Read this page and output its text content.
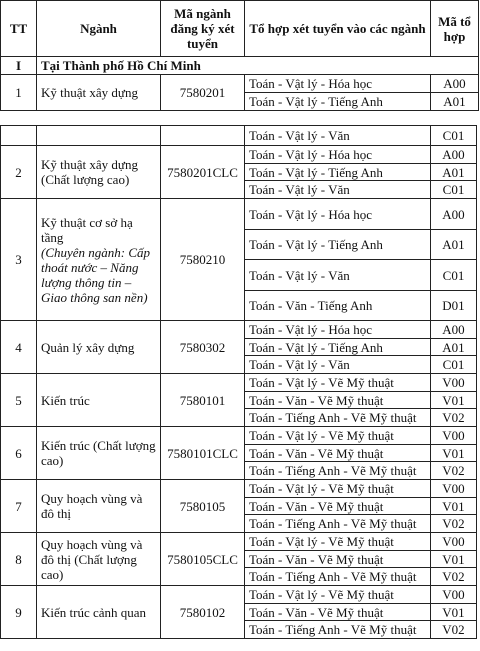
TT	Ngành	Mã ngành đăng ký xét tuyển	Tổ hợp xét tuyển vào các ngành	Mã tổ hợp
I	Tại Thành phố Hồ Chí Minh			
1	Kỹ thuật xây dựng	7580201	Toán - Vật lý - Hóa học	A00
			Toán - Vật lý - Tiếng Anh	A01
			Toán - Vật lý - Văn	C01
2	Kỹ thuật xây dựng (Chất lượng cao)	7580201CLC	Toán - Vật lý - Hóa học	A00
			Toán - Vật lý - Tiếng Anh	A01
			Toán - Vật lý - Văn	C01
3	Kỹ thuật cơ sở hạ tầng
(Chuyên ngành: Cấp thoát nước – Năng lượng thông tin – Giao thông san nền)	7580210	Toán - Vật lý - Hóa học	A00
			Toán - Vật lý - Tiếng Anh	A01
			Toán - Vật lý - Văn	C01
			Toán - Văn - Tiếng Anh	D01
4	Quản lý xây dựng	7580302	Toán - Vật lý - Hóa học	A00
			Toán - Vật lý - Tiếng Anh	A01
			Toán - Vật lý - Văn	C01
5	Kiến trúc	7580101	Toán - Vật lý - Vẽ Mỹ thuật	V00
			Toán - Văn - Vẽ Mỹ thuật	V01
			Toán - Tiếng Anh - Vẽ Mỹ thuật	V02
6	Kiến trúc (Chất lượng cao)	7580101CLC	Toán - Vật lý - Vẽ Mỹ thuật	V00
			Toán - Văn - Vẽ Mỹ thuật	V01
			Toán - Tiếng Anh - Vẽ Mỹ thuật	V02
7	Quy hoạch vùng và đô thị	7580105	Toán - Vật lý - Vẽ Mỹ thuật	V00
			Toán - Văn - Vẽ Mỹ thuật	V01
			Toán - Tiếng Anh - Vẽ Mỹ thuật	V02
8	Quy hoạch vùng và đô thị (Chất lượng cao)	7580105CLC	Toán - Vật lý - Vẽ Mỹ thuật	V00
			Toán - Văn - Vẽ Mỹ thuật	V01
			Toán - Tiếng Anh - Vẽ Mỹ thuật	V02
9	Kiến trúc cảnh quan	7580102	Toán - Vật lý - Vẽ Mỹ thuật	V00
			Toán - Văn - Vẽ Mỹ thuật	V01
			Toán - Tiếng Anh - Vẽ Mỹ thuật	V02
